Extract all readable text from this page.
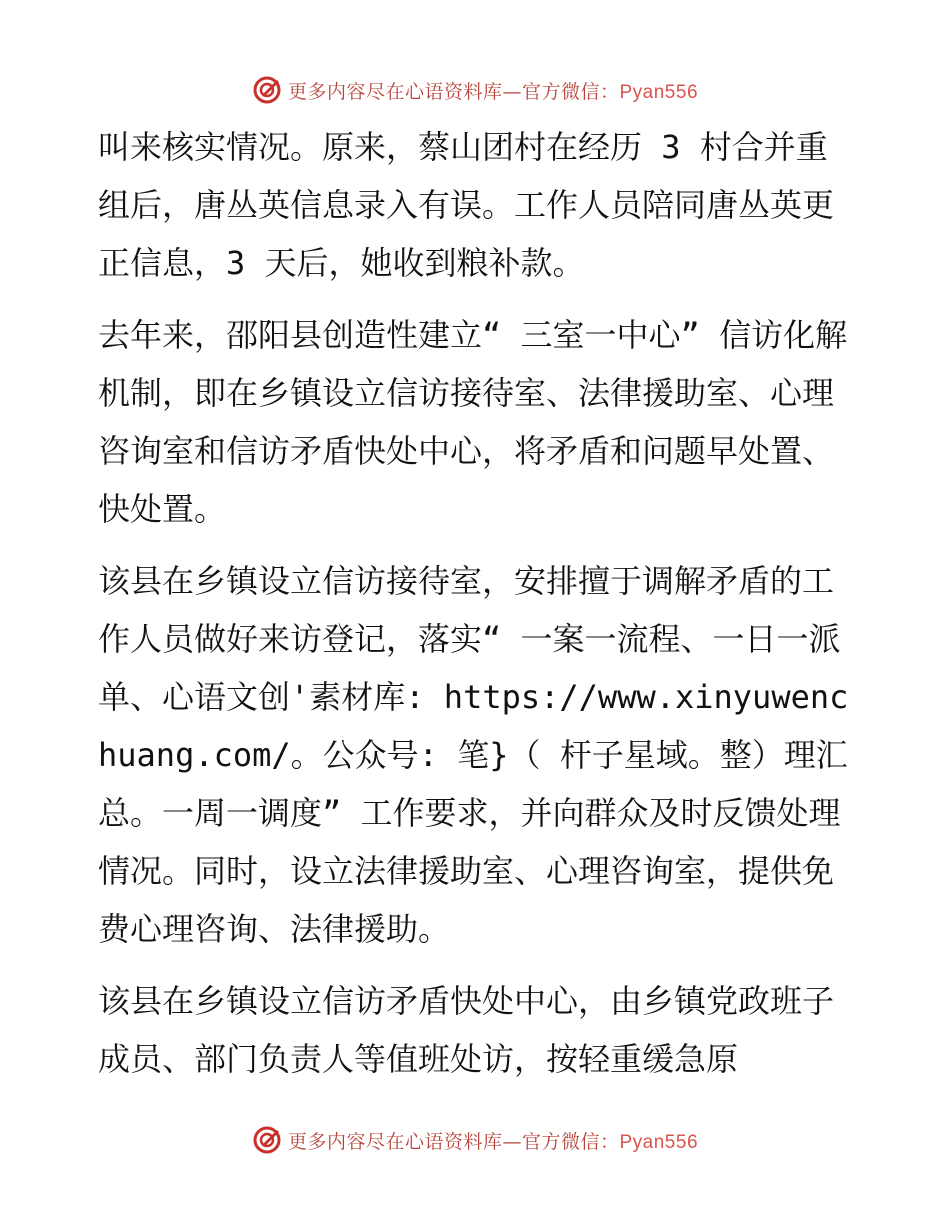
更多内容尽在心语资料库—官方微信：Pyan556

叫来核实情况。原来，蔡山团村在经历 3 村合并重组后，唐丛英信息录入有误。工作人员陪同唐丛英更正信息，3 天后，她收到粮补款。

去年来，邵阳县创造性建立“ 三室一中心” 信访化解机制，即在乡镇设立信访接待室、法律援助室、心理咨询室和信访矛盾快处中心，将矛盾和问题早处置、快处置。

该县在乡镇设立信访接待室，安排擅于调解矛盾的工作人员做好来访登记，落实“ 一案一流程、一日一派单、心语文创'素材库: https://www.xinyuwenchuang.com/。公众号: 笔}（ 杆子星域。整）理汇总。一周一调度” 工作要求，并向群众及时反馈处理情况。同时，设立法律援助室、心理咨询室，提供免费心理咨询、法律援助。

该县在乡镇设立信访矛盾快处中心，由乡镇党政班子成员、部门负责人等值班处访，按轻重缓急原

更多内容尽在心语资料库—官方微信：Pyan556
